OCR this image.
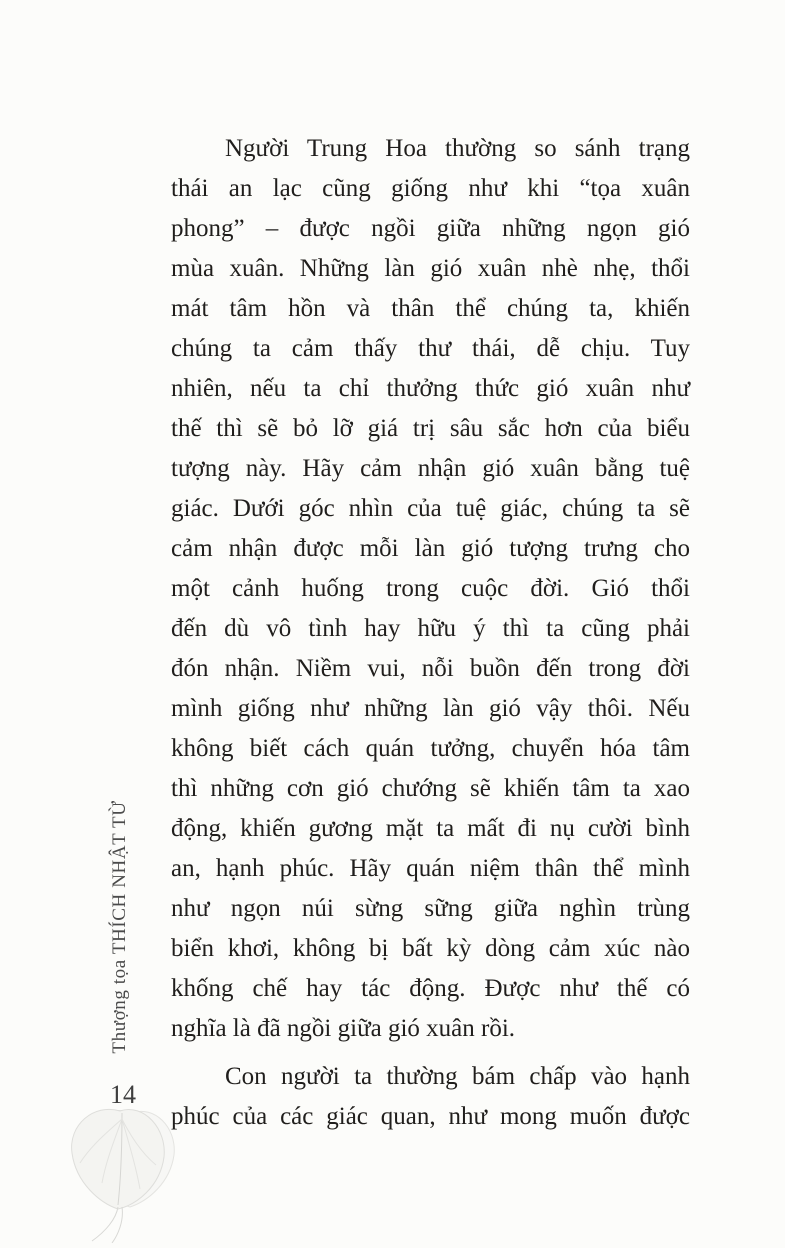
Thượng tọa THÍCH NHẬT TỪ
14
Người Trung Hoa thường so sánh trạng
thái an lạc cũng giống như khi “tọa xuân
phong” – được ngồi giữa những ngọn gió
mùa xuân. Những làn gió xuân nhè nhẹ, thổi
mát tâm hồn và thân thể chúng ta, khiến
chúng ta cảm thấy thư thái, dễ chịu. Tuy
nhiên, nếu ta chỉ thưởng thức gió xuân như
thế thì sẽ bỏ lỡ giá trị sâu sắc hơn của biểu
tượng này. Hãy cảm nhận gió xuân bằng tuệ
giác. Dưới góc nhìn của tuệ giác, chúng ta sẽ
cảm nhận được mỗi làn gió tượng trưng cho
một cảnh huống trong cuộc đời. Gió thổi
đến dù vô tình hay hữu ý thì ta cũng phải
đón nhận. Niềm vui, nỗi buồn đến trong đời
mình giống như những làn gió vậy thôi. Nếu
không biết cách quán tưởng, chuyển hóa tâm
thì những cơn gió chướng sẽ khiến tâm ta xao
động, khiến gương mặt ta mất đi nụ cười bình
an, hạnh phúc. Hãy quán niệm thân thể mình
như ngọn núi sừng sững giữa nghìn trùng
biển khơi, không bị bất kỳ dòng cảm xúc nào
khống chế hay tác động. Được như thế có
nghĩa là đã ngồi giữa gió xuân rồi.
Con người ta thường bám chấp vào hạnh
phúc của các giác quan, như mong muốn được
